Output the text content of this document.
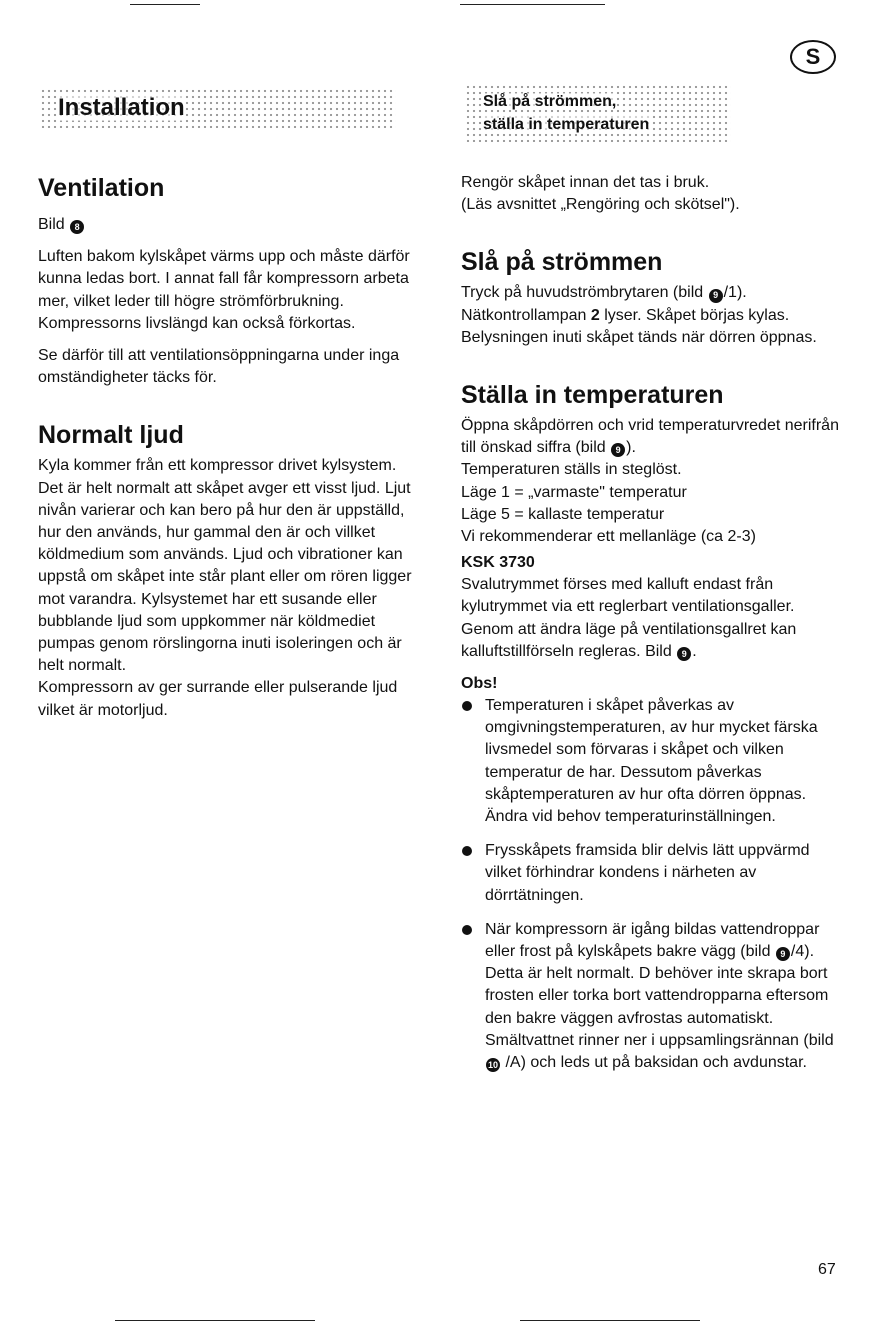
S
Installation	Slå på strömmen,
ställa in temperaturen
Ventilation

Bild 8

Luften bakom kylskåpet värms upp och måste därför kunna ledas bort. I annat fall får kompressorn arbeta mer, vilket leder till högre strömförbrukning. Kompressorns livslängd kan också förkortas.

Se därför till att ventilationsöppningarna under inga omständigheter täcks för.

Normalt ljud

Kyla kommer från ett kompressor drivet kylsystem. Det är helt normalt att skåpet avger ett visst ljud. Ljut nivån varierar och kan bero på hur den är uppställd, hur den används, hur gammal den är och villket köldmedium som används. Ljud och vibrationer kan uppstå om skåpet inte står plant eller om rören ligger mot varandra. Kylsystemet har ett susande eller bubblande ljud som uppkommer när köldmediet pumpas genom rörslingorna inuti isoleringen och är helt normalt.

Kompressorn av ger surrande eller pulserande ljud vilket är motorljud.

Rengör skåpet innan det tas i bruk.

(Läs avsnittet „Rengöring och skötsel").

Slå på strömmen

Tryck på huvudströmbrytaren (bild 9 /1).

Nätkontrollampan 2 lyser. Skåpet börjas kylas.

Belysningen inuti skåpet tänds när dörren öppnas.

Ställa in temperaturen

Öppna skåpdörren och vrid temperaturvredet nerifrån till önskad siffra (bild 9 ).

Temperaturen ställs in steglöst.

Läge 1 = „varmaste" temperatur

Läge 5 = kallaste temperatur

Vi rekommenderar ett mellanläge (ca 2-3)

KSK 3730

Svalutrymmet förses med kalluft endast från kylutrymmet via ett reglerbart ventilationsgaller. Genom att ändra läge på ventilationsgallret kan kalluftstillförseln regleras. Bild 9 .

Obs!
Temperaturen i skåpet påverkas av omgivningstemperaturen, av hur mycket färska livsmedel som förvaras i skåpet och vilken temperatur de har. Dessutom påverkas skåptemperaturen av hur ofta dörren öppnas. Ändra vid behov temperaturinställningen.
Frysskåpets framsida blir delvis lätt uppvärmd vilket förhindrar kondens i närheten av dörrtätningen.
När kompressorn är igång bildas vattendroppar eller frost på kylskåpets bakre vägg (bild 9 /4). Detta är helt normalt. D behöver inte skrapa bort frosten eller torka bort vattendropparna eftersom den bakre väggen avfrostas automatiskt.
Smältvattnet rinner ner i uppsamlingsrännan (bild 10 /A) och leds ut på baksidan och avdunstar.
67
